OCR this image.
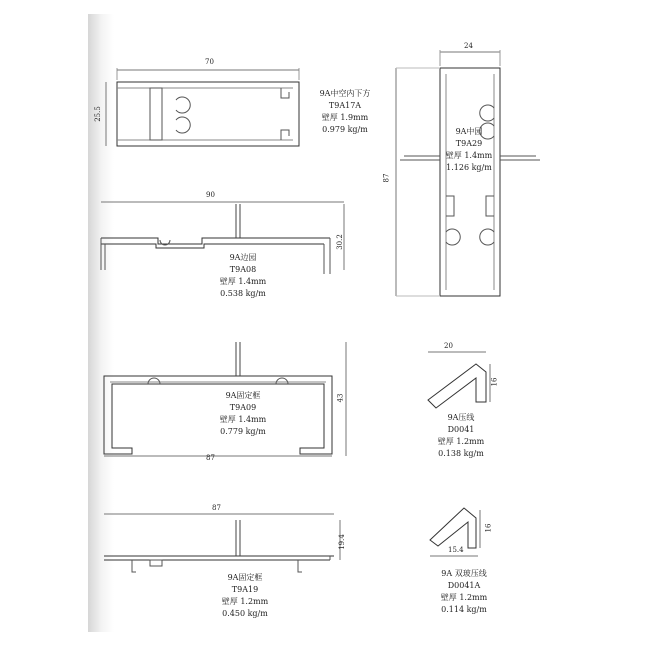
70
25.5
24
87
90
30.2
43
87
20
16
87
19.4
16
15.4
9A中空内下方
T9A17A
壁厚 1.9mm
0.979 kg/m	9A中园
T9A29
壁厚 1.4mm
1.126 kg/m
9A边园
T9A08
壁厚 1.4mm
0.538 kg/m
9A固定框
T9A09
壁厚 1.4mm
0.779 kg/m
9A压线
D0041
壁厚 1.2mm
0.138 kg/m
9A固定框
T9A19
壁厚 1.2mm
0.450 kg/m
9A 双玻压线
D0041A
壁厚 1.2mm
0.114 kg/m
